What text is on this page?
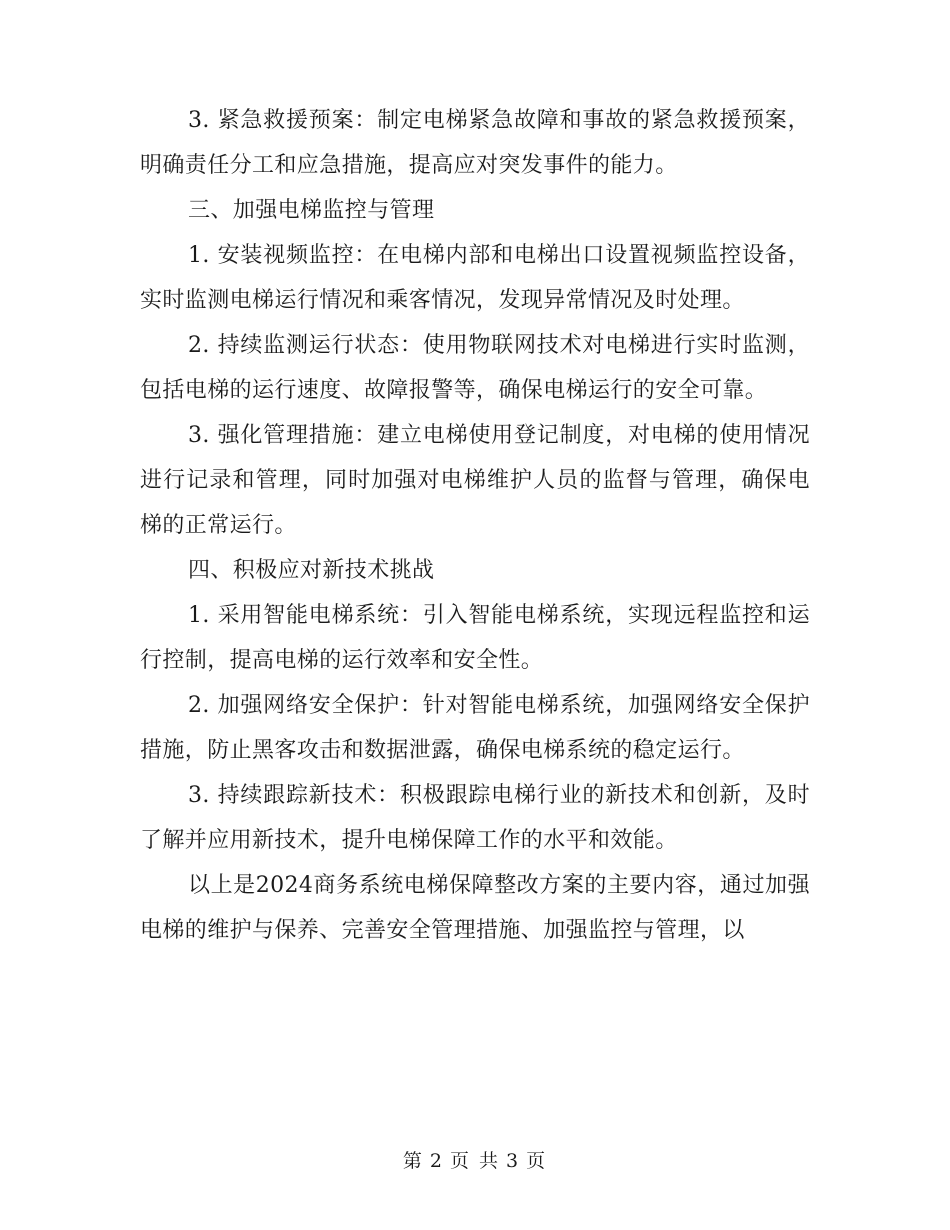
3. 紧急救援预案：制定电梯紧急故障和事故的紧急救援预案，明确责任分工和应急措施，提高应对突发事件的能力。

三、加强电梯监控与管理

1. 安装视频监控：在电梯内部和电梯出口设置视频监控设备，实时监测电梯运行情况和乘客情况，发现异常情况及时处理。

2. 持续监测运行状态：使用物联网技术对电梯进行实时监测，包括电梯的运行速度、故障报警等，确保电梯运行的安全可靠。

3. 强化管理措施：建立电梯使用登记制度，对电梯的使用情况进行记录和管理，同时加强对电梯维护人员的监督与管理，确保电梯的正常运行。

四、积极应对新技术挑战

1. 采用智能电梯系统：引入智能电梯系统，实现远程监控和运行控制，提高电梯的运行效率和安全性。

2. 加强网络安全保护：针对智能电梯系统，加强网络安全保护措施，防止黑客攻击和数据泄露，确保电梯系统的稳定运行。

3. 持续跟踪新技术：积极跟踪电梯行业的新技术和创新，及时了解并应用新技术，提升电梯保障工作的水平和效能。

以上是2024商务系统电梯保障整改方案的主要内容，通过加强电梯的维护与保养、完善安全管理措施、加强监控与管理，以

第 2 页 共 3 页
